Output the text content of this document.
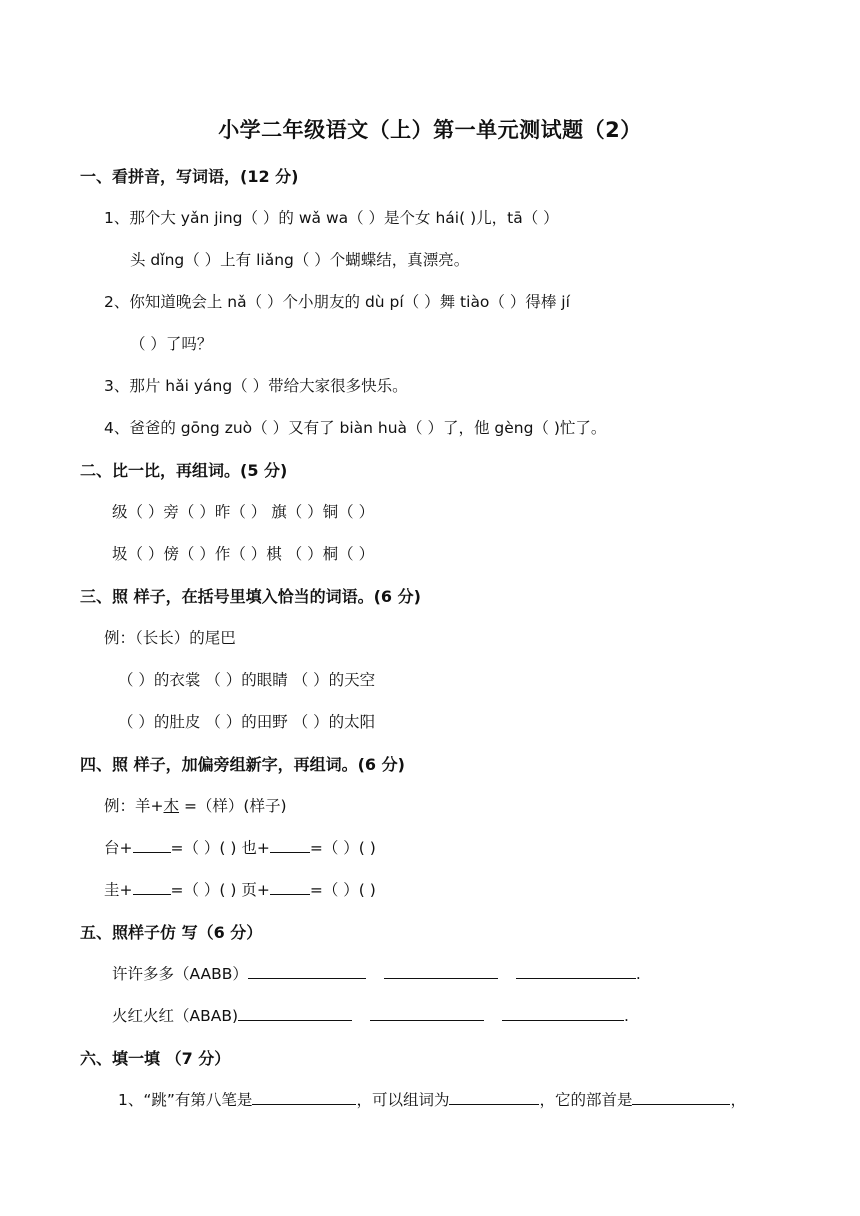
小学二年级语文（上）第一单元测试题（2）
一、看拼音，写词语，(12 分)
1、那个大 yǎn jing（ ）的 wǎ wa（ ）是个女 hái( )儿，tā（ ）
头 dǐng（ ）上有 liǎng（ ）个蝴蝶结，真漂亮。
2、你知道晚会上 nǎ（ ）个小朋友的 dù pí（ ）舞 tiào（ ）得棒 jí
（ ）了吗？
3、那片 hǎi yáng（ ）带给大家很多快乐。
4、爸爸的 gōng zuò（ ）又有了 biàn huà（ ）了，他 gèng（ )忙了。
二、比一比，再组词。(5 分)
级（ ）旁（ ）昨（ ） 旗（ ）铜（ ）
圾（ ）傍（ ）作（ ）棋 （ ）桐（ ）
三、照 样子，在括号里填入恰当的词语。(6 分)
例：（长长）的尾巴
（ ）的衣裳 （ ）的眼睛 （ ）的天空
（ ）的肚皮 （ ）的田野 （ ）的太阳
四、照 样子，加偏旁组新字，再组词。(6 分)
例：羊+木 =（样）(样子)
台+ =（ ）( ) 也+	=（ ）( )
圭+ =（ ）( ) 页+	=（ ）( )
五、照样子仿 写（6 分）
许许多多（AABB）	.
火红火红（ABAB)	.
六、填一填 （7 分）
1、“跳”有第八笔是	，可以组词为	，它的部首是	，
